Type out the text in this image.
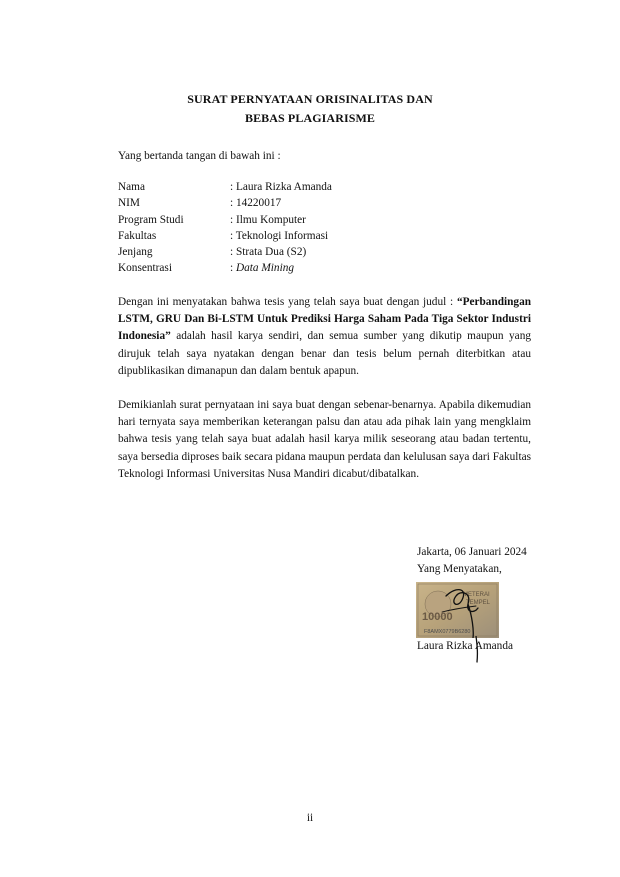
SURAT PERNYATAAN ORISINALITAS DAN
BEBAS PLAGIARISME
Yang bertanda tangan di bawah ini :
Nama	: Laura Rizka Amanda
NIM	: 14220017
Program Studi	: Ilmu Komputer
Fakultas	: Teknologi Informasi
Jenjang	: Strata Dua (S2)
Konsentrasi	: Data Mining
Dengan ini menyatakan bahwa tesis yang telah saya buat dengan judul : “Perbandingan LSTM, GRU Dan Bi-LSTM Untuk Prediksi Harga Saham Pada Tiga Sektor Industri Indonesia” adalah hasil karya sendiri, dan semua sumber yang dikutip maupun yang dirujuk telah saya nyatakan dengan benar dan tesis belum pernah diterbitkan atau dipublikasikan dimanapun dan dalam bentuk apapun.
Demikianlah surat pernyataan ini saya buat dengan sebenar-benarnya. Apabila dikemudian hari ternyata saya memberikan keterangan palsu dan atau ada pihak lain yang mengklaim bahwa tesis yang telah saya buat adalah hasil karya milik seseorang atau badan tertentu, saya bersedia diproses baik secara pidana maupun perdata dan kelulusan saya dari Fakultas Teknologi Informasi Universitas Nusa Mandiri dicabut/dibatalkan.
Jakarta, 06 Januari 2024
Yang Menyatakan,
10000
METERAI
TEMPEL
F8AMX0779B6280
Laura Rizka Amanda
ii
